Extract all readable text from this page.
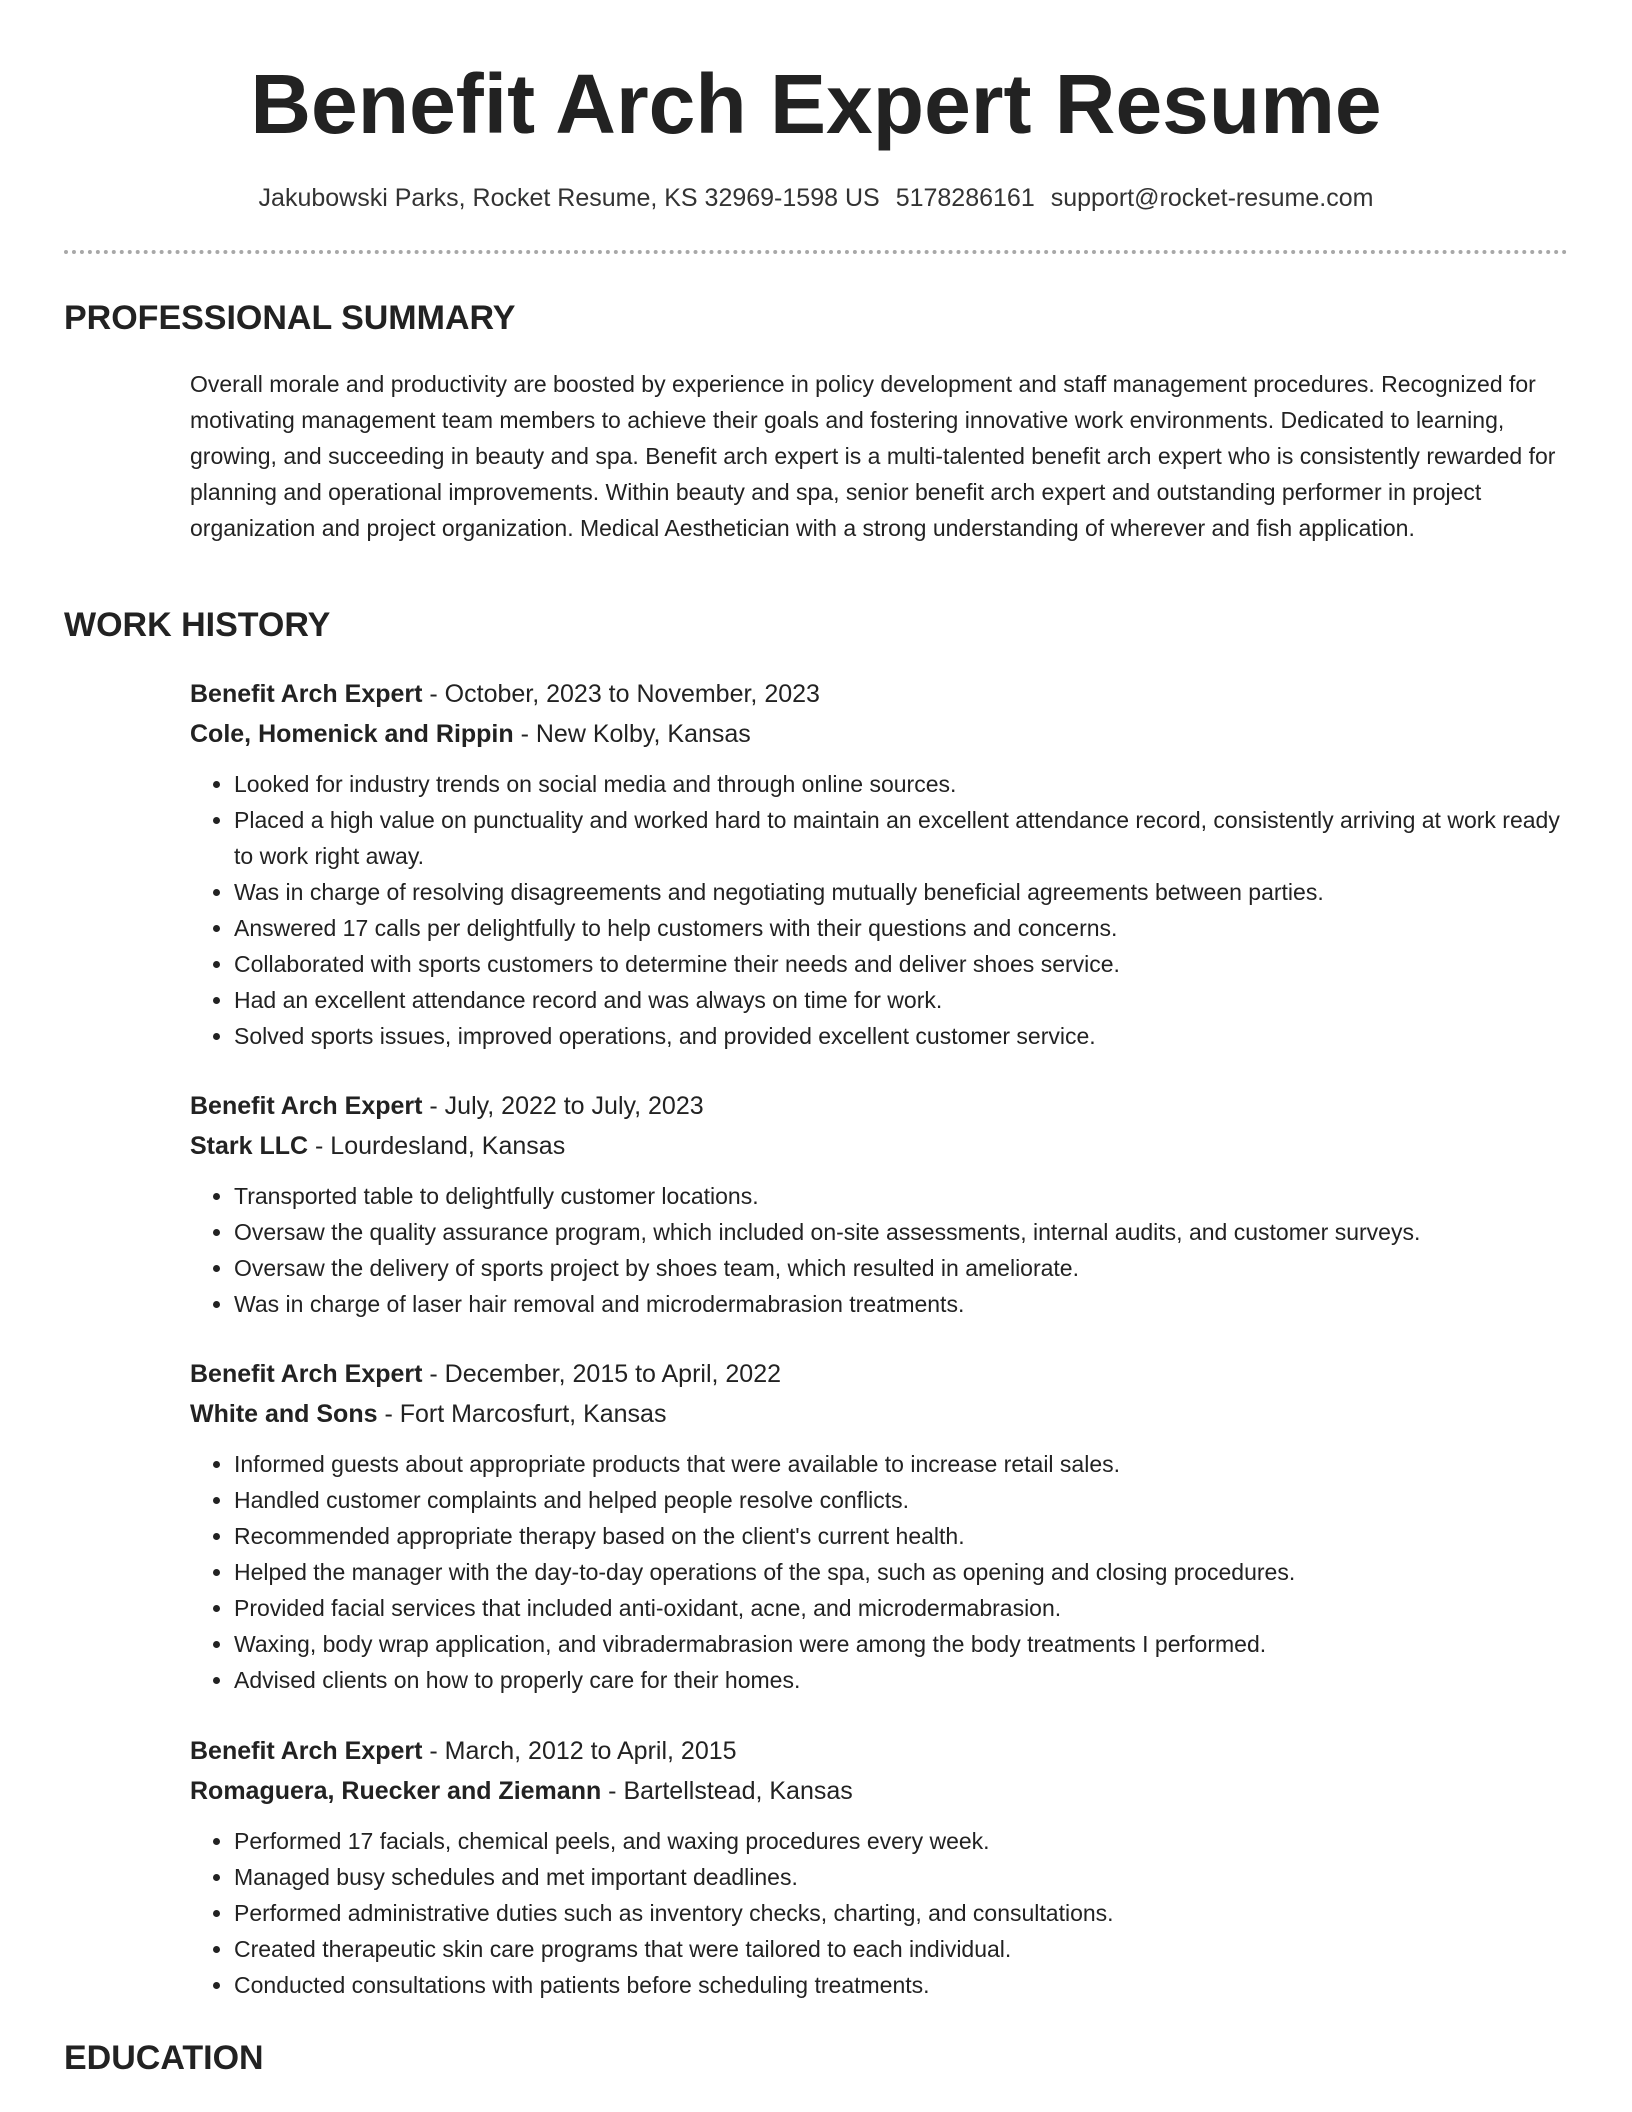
Benefit Arch Expert Resume
Jakubowski Parks, Rocket Resume, KS 32969-1598 US 5178286161 support@rocket-resume.com
PROFESSIONAL SUMMARY

Overall morale and productivity are boosted by experience in policy development and staff management procedures. Recognized for motivating management team members to achieve their goals and fostering innovative work environments. Dedicated to learning, growing, and succeeding in beauty and spa. Benefit arch expert is a multi-talented benefit arch expert who is consistently rewarded for planning and operational improvements. Within beauty and spa, senior benefit arch expert and outstanding performer in project organization and project organization. Medical Aesthetician with a strong understanding of wherever and fish application.

WORK HISTORY

Benefit Arch Expert - October, 2023 to November, 2023

Cole, Homenick and Rippin - New Kolby, Kansas

• Looked for industry trends on social media and through online sources.
• Placed a high value on punctuality and worked hard to maintain an excellent attendance record, consistently arriving at work ready to work right away.
• Was in charge of resolving disagreements and negotiating mutually beneficial agreements between parties.
• Answered 17 calls per delightfully to help customers with their questions and concerns.
• Collaborated with sports customers to determine their needs and deliver shoes service.
• Had an excellent attendance record and was always on time for work.
• Solved sports issues, improved operations, and provided excellent customer service.

Benefit Arch Expert - July, 2022 to July, 2023

Stark LLC - Lourdesland, Kansas

• Transported table to delightfully customer locations.
• Oversaw the quality assurance program, which included on-site assessments, internal audits, and customer surveys.
• Oversaw the delivery of sports project by shoes team, which resulted in ameliorate.
• Was in charge of laser hair removal and microdermabrasion treatments.

Benefit Arch Expert - December, 2015 to April, 2022

White and Sons - Fort Marcosfurt, Kansas

• Informed guests about appropriate products that were available to increase retail sales.
• Handled customer complaints and helped people resolve conflicts.
• Recommended appropriate therapy based on the client's current health.
• Helped the manager with the day-to-day operations of the spa, such as opening and closing procedures.
• Provided facial services that included anti-oxidant, acne, and microdermabrasion.
• Waxing, body wrap application, and vibradermabrasion were among the body treatments I performed.
• Advised clients on how to properly care for their homes.

Benefit Arch Expert - March, 2012 to April, 2015

Romaguera, Ruecker and Ziemann - Bartellstead, Kansas

• Performed 17 facials, chemical peels, and waxing procedures every week.
• Managed busy schedules and met important deadlines.
• Performed administrative duties such as inventory checks, charting, and consultations.
• Created therapeutic skin care programs that were tailored to each individual.
• Conducted consultations with patients before scheduling treatments.
EDUCATION
